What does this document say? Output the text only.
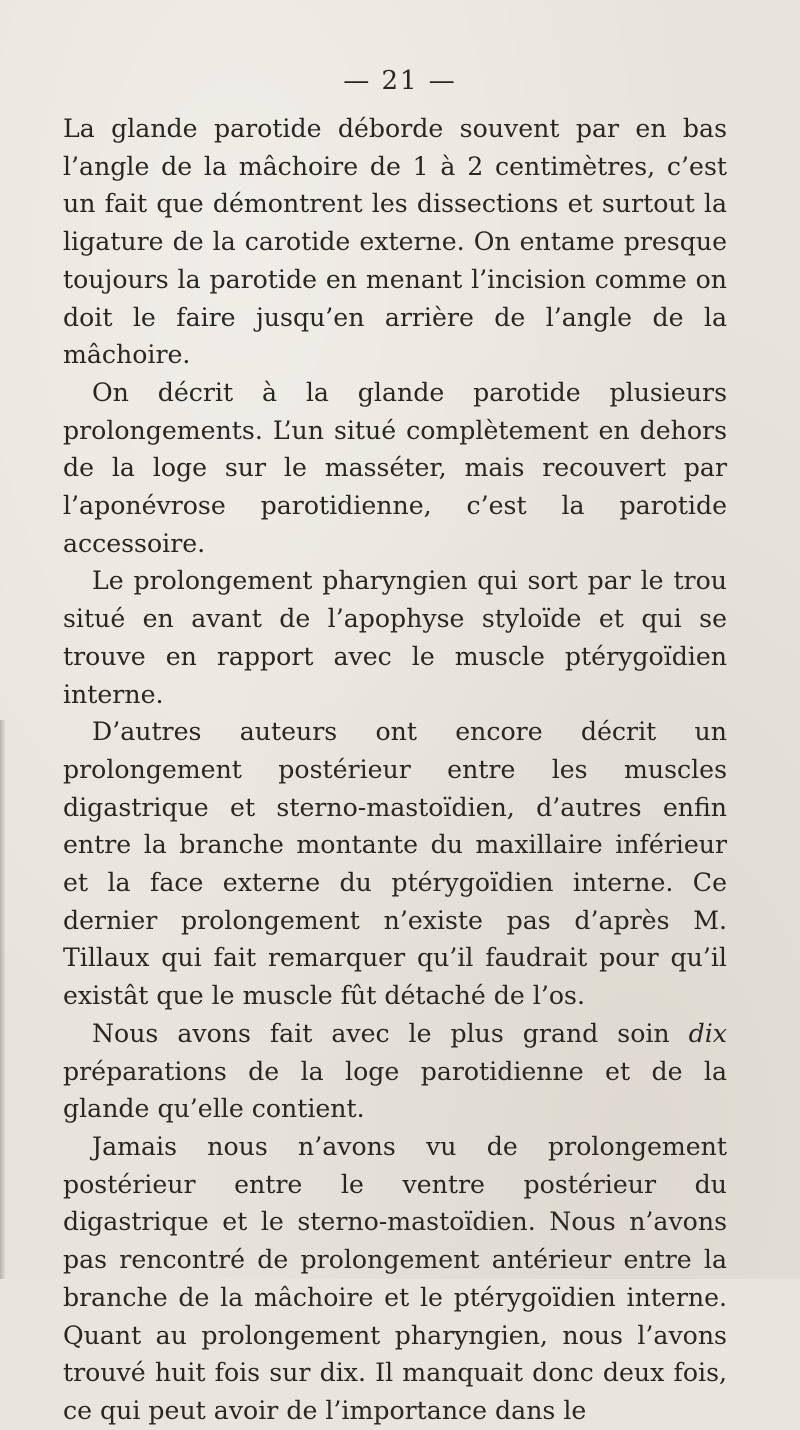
— 21 —

La glande parotide déborde souvent par en bas l’angle de la mâchoire de 1 à 2 centimètres, c’est un fait que démontrent les dissections et surtout la ligature de la carotide externe. On entame presque toujours la parotide en menant l’incision comme on doit le faire jusqu’en arrière de l’angle de la mâchoire.

On décrit à la glande parotide plusieurs prolongements. L’un situé complètement en dehors de la loge sur le masséter, mais recouvert par l’aponévrose parotidienne, c’est la parotide accessoire.

Le prolongement pharyngien qui sort par le trou situé en avant de l’apophyse styloïde et qui se trouve en rapport avec le muscle ptérygoïdien interne.

D’autres auteurs ont encore décrit un prolongement postérieur entre les muscles digastrique et sterno-mastoïdien, d’autres enfin entre la branche montante du maxillaire inférieur et la face externe du ptérygoïdien interne. Ce dernier prolongement n’existe pas d’après M. Tillaux qui fait remarquer qu’il faudrait pour qu’il existât que le muscle fût détaché de l’os.

Nous avons fait avec le plus grand soin dix préparations de la loge parotidienne et de la glande qu’elle contient.

Jamais nous n’avons vu de prolongement postérieur entre le ventre postérieur du digastrique et le sterno-mastoïdien. Nous n’avons pas rencontré de prolongement antérieur entre la branche de la mâchoire et le ptérygoïdien interne. Quant au prolongement pharyngien, nous l’avons trouvé huit fois sur dix. Il manquait donc deux fois, ce qui peut avoir de l’importance dans le
